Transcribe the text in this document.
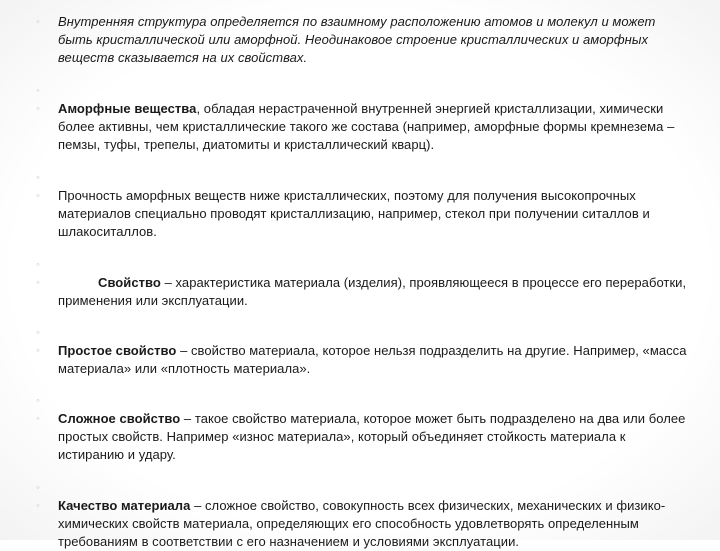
◦	Внутренняя структура определяется по взаимному расположению атомов и молекул и может быть кристаллической или аморфной. Неодинаковое строение кристаллических и аморфных веществ сказывается на их свойствах.
◦
◦	Аморфные вещества, обладая нерастраченной внутренней энергией кристаллизации, химически более активны, чем кристаллические такого же состава (например, аморфные формы кремнезема – пемзы, туфы, трепелы, диатомиты и кристаллический кварц).
◦
◦	Прочность аморфных веществ ниже кристаллических, поэтому для получения высокопрочных материалов специально проводят кристаллизацию, например, стекол при получении ситаллов и шлакоситаллов.
◦
◦	Свойство – характеристика материала (изделия), проявляющееся в процессе его переработки, применения или эксплуатации.
◦
◦	Простое свойство – свойство материала, которое нельзя подразделить на другие. Например, «масса материала» или «плотность материала».
◦
◦	Сложное свойство – такое свойство материала, которое может быть подразделено на два или более простых свойств. Например «износ материала», который объединяет стойкость материала к истиранию и удару.
◦
◦	Качество материала – сложное свойство, совокупность всех физических, механических и физико-химических свойств материала, определяющих его способность удовлетворять определенным требованиям в соответствии с его назначением и условиями эксплуатации.
